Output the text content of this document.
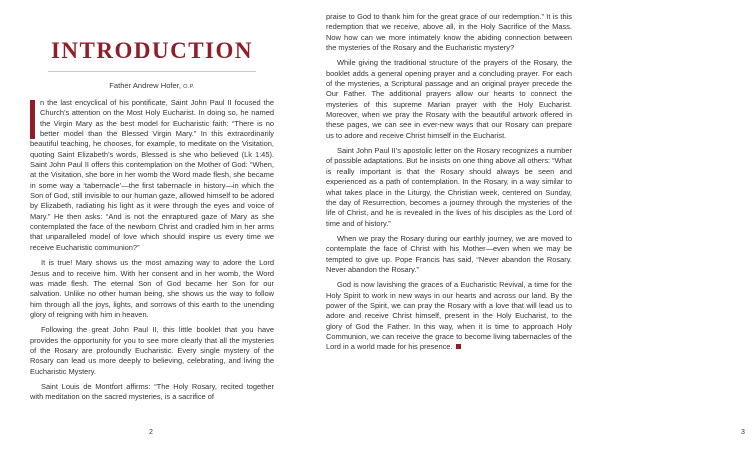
INTRODUCTION

Father Andrew Hofer, O.P.

n the last encyclical of his pontificate, Saint John Paul II focused the Church’s attention on the Most Holy Eucharist. In doing so, he named the Virgin Mary as the best model for Eucharistic faith: “There is no better model than the Blessed Virgin Mary.” In this extraordinarily beautiful teaching, he chooses, for example, to meditate on the Visitation, quoting Saint Elizabeth’s words, Blessed is she who believed (Lk 1:45). Saint John Paul II offers this contemplation on the Mother of God: “When, at the Visitation, she bore in her womb the Word made flesh, she became in some way a ‘tabernacle’—the first tabernacle in history—in which the Son of God, still invisible to our human gaze, allowed himself to be adored by Elizabeth, radiating his light as it were through the eyes and voice of Mary.” He then asks: “And is not the enraptured gaze of Mary as she contemplated the face of the newborn Christ and cradled him in her arms that unparalleled model of love which should inspire us every time we receive Eucharistic communion?”

It is true! Mary shows us the most amazing way to adore the Lord Jesus and to receive him. With her consent and in her womb, the Word was made flesh. The eternal Son of God became her Son for our salvation. Unlike no other human being, she shows us the way to follow him through all the joys, lights, and sorrows of this earth to the unending glory of reigning with him in heaven.

Following the great John Paul II, this little booklet that you have provides the opportunity for you to see more clearly that all the mysteries of the Rosary are profoundly Eucharistic. Every single mystery of the Rosary can lead us more deeply to believing, celebrating, and living the Eucharistic Mystery.

Saint Louis de Montfort affirms: “The Holy Rosary, recited together with meditation on the sacred mysteries, is a sacrifice of

2

praise to God to thank him for the great grace of our redemption.” It is this redemption that we receive, above all, in the Holy Sacrifice of the Mass. Now how can we more intimately know the abiding connection between the mysteries of the Rosary and the Eucharistic mystery?

While giving the traditional structure of the prayers of the Rosary, the booklet adds a general opening prayer and a concluding prayer. For each of the mysteries, a Scriptural passage and an original prayer precede the Our Father. The additional prayers allow our hearts to connect the mysteries of this supreme Marian prayer with the Holy Eucharist. Moreover, when we pray the Rosary with the beautiful artwork offered in these pages, we can see in ever-new ways that our Rosary can prepare us to adore and receive Christ himself in the Eucharist.

Saint John Paul II’s apostolic letter on the Rosary recognizes a number of possible adaptations. But he insists on one thing above all others: “What is really important is that the Rosary should always be seen and experienced as a path of contemplation. In the Rosary, in a way similar to what takes place in the Liturgy, the Christian week, centered on Sunday, the day of Resurrection, becomes a journey through the mysteries of the life of Christ, and he is revealed in the lives of his disciples as the Lord of time and of history.”

When we pray the Rosary during our earthly journey, we are moved to contemplate the face of Christ with his Mother—even when we may be tempted to give up. Pope Francis has said, “Never abandon the Rosary. Never abandon the Rosary.”

God is now lavishing the graces of a Eucharistic Revival, a time for the Holy Spirit to work in new ways in our hearts and across our land. By the power of the Spirit, we can pray the Rosary with a love that will lead us to adore and receive Christ himself, present in the Holy Eucharist, to the glory of God the Father. In this way, when it is time to approach Holy Communion, we can receive the grace to become living tabernacles of the Lord in a world made for his presence.

3
